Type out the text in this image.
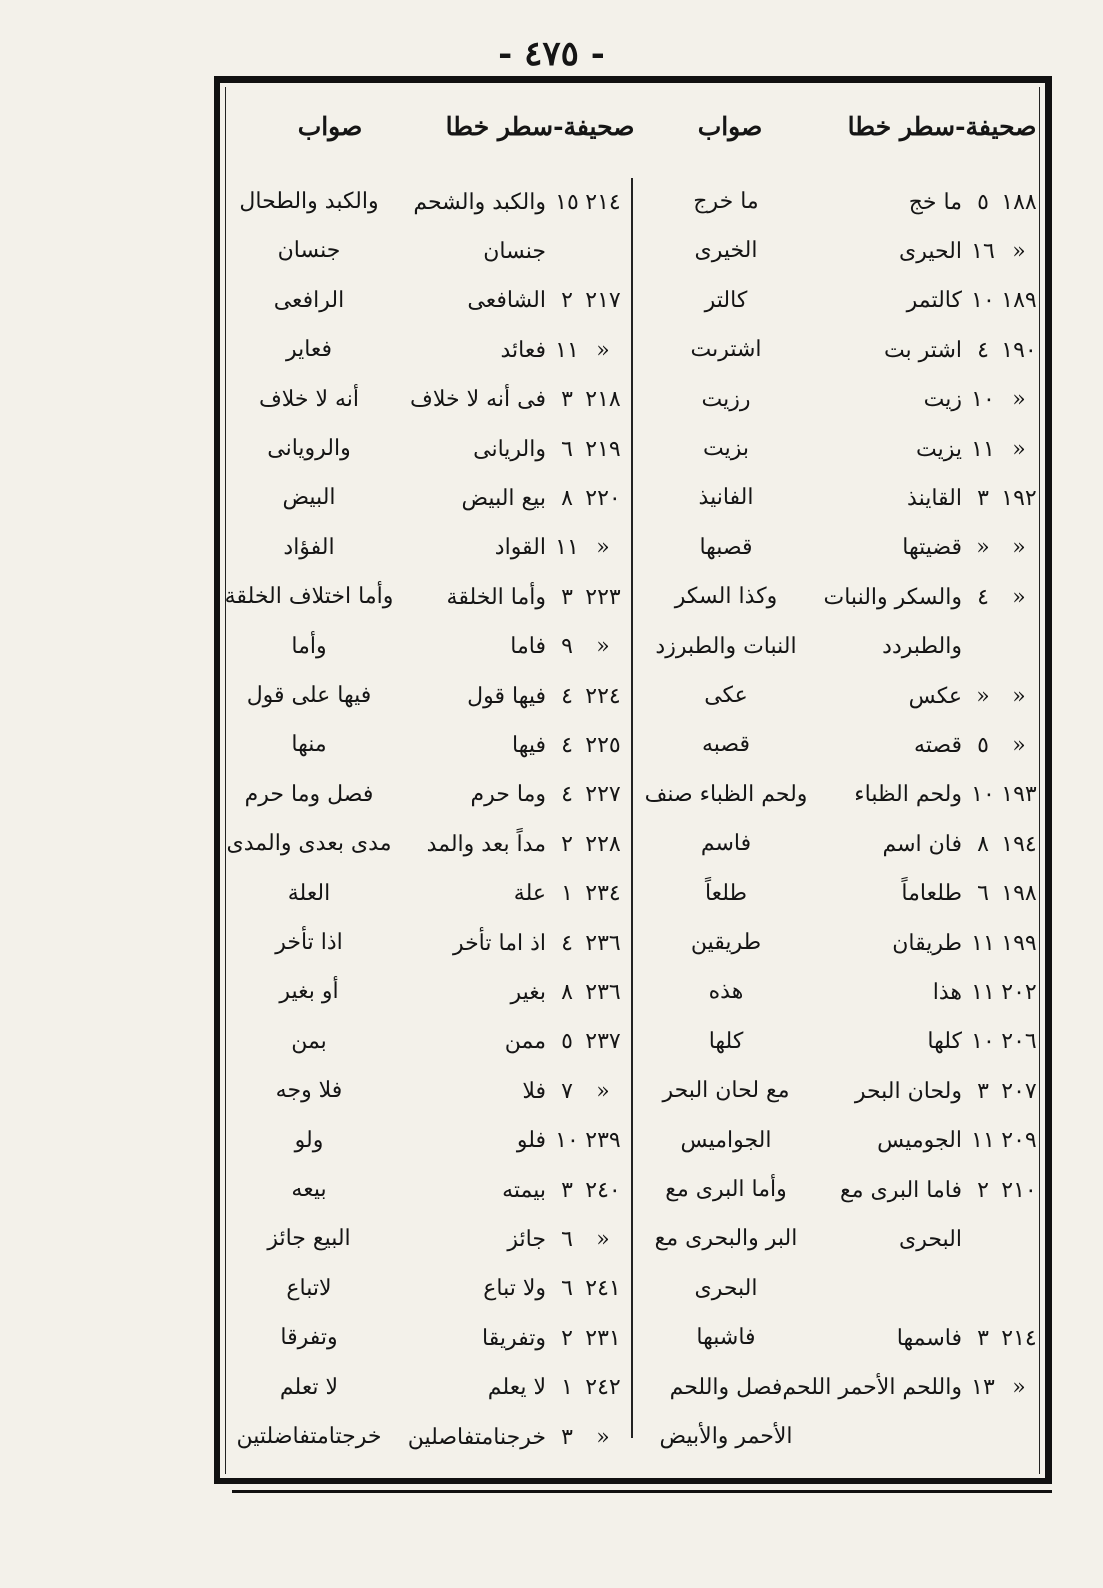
- ٤٧٥ -
صحيفة-سطر خطا
صواب
صحيفة-سطر خطا
صواب
١٨٨
٥
ما خج
ما خرج
«
١٦
الحيرى
الخيرى
١٨٩
١٠
كالتمر
كالتر
١٩٠
٤
اشتر بت
اشترىت
«
١٠
زيت
رزيت
«
١١
يزيت
بزيت
١٩٢
٣
القاينذ
الفانيذ
«
«
قضيتها
قصبها
«
٤
والسكر والنبات
وكذا السكر
والطبردد
النبات والطبرزد
«
«
عكس
عكى
«
٥
قصته
قصبه
١٩٣
١٠
ولحم الظباء
ولحم الظباء صنف
١٩٤
٨
فان اسم
فاسم
١٩٨
٦
طلعاماً
طلعاً
١٩٩
١١
طريقان
طريقين
٢٠٢
١١
هذا
هذه
٢٠٦
١٠
كلها
كلها
٢٠٧
٣
ولحان البحر
مع لحان البحر
٢٠٩
١١
الجوميس
الجواميس
٢١٠
٢
فاما البرى مع
وأما البرى مع
البحرى
البر والبحرى مع
البحرى
٢١٤
٣
فاسمها
فاشبها
«
١٣
واللحم الأحمر اللحم
فصل واللحم
الأحمر والأبيض
٢١٤
١٥
والكبد والشحم
والكبد والطحال
جنسان
جنسان
٢١٧
٢
الشافعى
الرافعى
«
١١
فعائد
فعاير
٢١٨
٣
فى أنه لا خلاف
أنه لا خلاف
٢١٩
٦
والريانى
والرويانى
٢٢٠
٨
بيع البيض
البيض
«
١١
القواد
الفؤاد
٢٢٣
٣
وأما الخلقة
وأما اختلاف الخلقة
«
٩
فاما
وأما
٢٢٤
٤
فيها قول
فيها على قول
٢٢٥
٤
فيها
منها
٢٢٧
٤
وما حرم
فصل وما حرم
٢٢٨
٢
مداً بعد والمد
مدى بعدى والمدى
٢٣٤
١
علة
العلة
٢٣٦
٤
اذ اما تأخر
اذا تأخر
٢٣٦
٨
بغير
أو بغير
٢٣٧
٥
ممن
بمن
«
٧
فلا
فلا وجه
٢٣٩
١٠
فلو
ولو
٢٤٠
٣
بيمته
بيعه
«
٦
جائز
البيع جائز
٢٤١
٦
ولا تباع
لاتباع
٢٣١
٢
وتفريقا
وتفرقا
٢٤٢
١
لا يعلم
لا تعلم
«
٣
خرجنامتفاصلين
خرجتامتفاضلتين
